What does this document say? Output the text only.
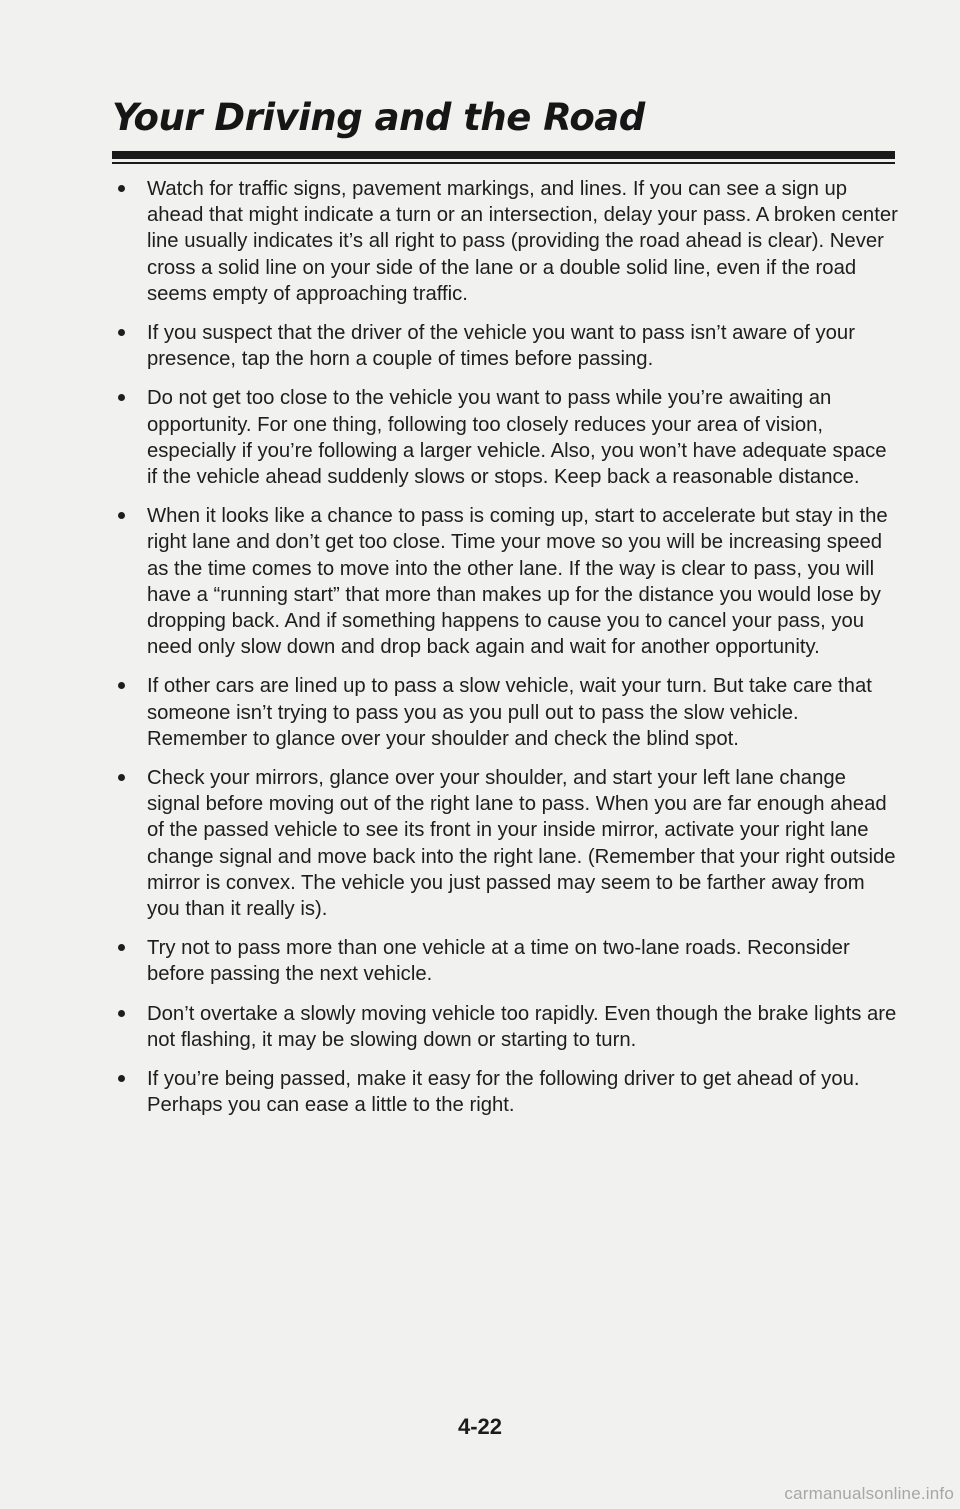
Your Driving and the Road
Watch for traffic signs, pavement markings, and lines. If you can see a sign up ahead that might indicate a turn or an intersection, delay your pass. A broken center line usually indicates it’s all right to pass (providing the road ahead is clear). Never cross a solid line on your side of the lane or a double solid line, even if the road seems empty of approaching traffic.
If you suspect that the driver of the vehicle you want to pass isn’t aware of your presence, tap the horn a couple of times before passing.
Do not get too close to the vehicle you want to pass while you’re awaiting an opportunity. For one thing, following too closely reduces your area of vision, especially if you’re following a larger vehicle. Also, you won’t have adequate space if the vehicle ahead suddenly slows or stops. Keep back a reasonable distance.
When it looks like a chance to pass is coming up, start to accelerate but stay in the right lane and don’t get too close. Time your move so you will be increasing speed as the time comes to move into the other lane. If the way is clear to pass, you will have a “running start” that more than makes up for the distance you would lose by dropping back. And if something happens to cause you to cancel your pass, you need only slow down and drop back again and wait for another opportunity.
If other cars are lined up to pass a slow vehicle, wait your turn. But take care that someone isn’t trying to pass you as you pull out to pass the slow vehicle. Remember to glance over your shoulder and check the blind spot.
Check your mirrors, glance over your shoulder, and start your left lane change signal before moving out of the right lane to pass. When you are far enough ahead of the passed vehicle to see its front in your inside mirror, activate your right lane change signal and move back into the right lane. (Remember that your right outside mirror is convex. The vehicle you just passed may seem to be farther away from you than it really is).
Try not to pass more than one vehicle at a time on two-lane roads. Reconsider before passing the next vehicle.
Don’t overtake a slowly moving vehicle too rapidly. Even though the brake lights are not flashing, it may be slowing down or starting to turn.
If you’re being passed, make it easy for the following driver to get ahead of you. Perhaps you can ease a little to the right.
4-22
carmanualsonline.info
